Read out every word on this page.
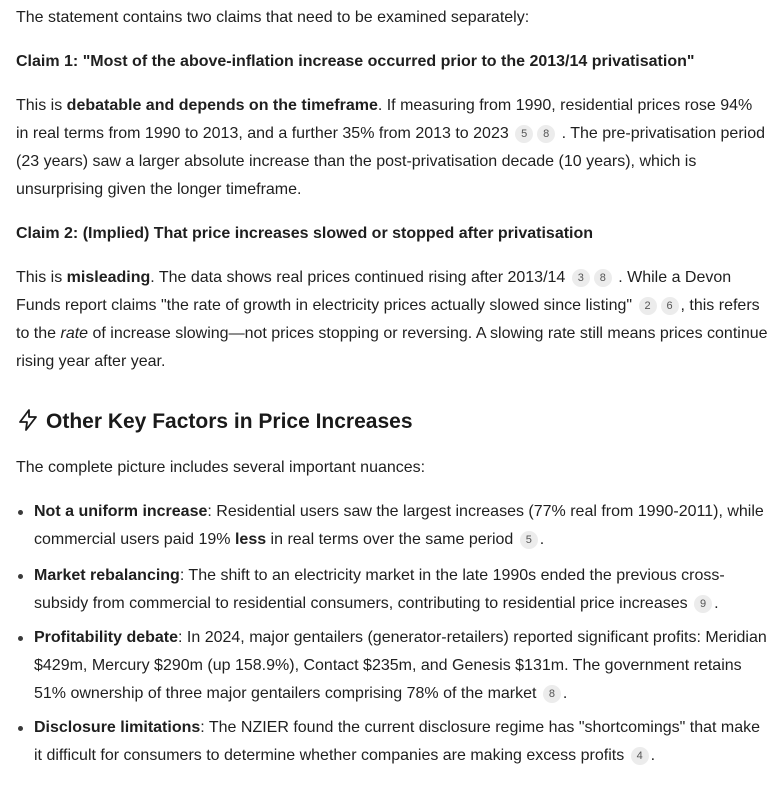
The statement contains two claims that need to be examined separately:

Claim 1: "Most of the above-inflation increase occurred prior to the 2013/14 privatisation"

This is debatable and depends on the timeframe. If measuring from 1990, residential prices rose 94% in real terms from 1990 to 2013, and a further 35% from 2013 to 2023 5 8 . The pre-privatisation period (23 years) saw a larger absolute increase than the post-privatisation decade (10 years), which is unsurprising given the longer timeframe.

Claim 2: (Implied) That price increases slowed or stopped after privatisation

This is misleading. The data shows real prices continued rising after 2013/14 3 8 . While a Devon Funds report claims "the rate of growth in electricity prices actually slowed since listing" 2 6 , this refers to the rate of increase slowing—not prices stopping or reversing. A slowing rate still means prices continue rising year after year.

Other Key Factors in Price Increases

The complete picture includes several important nuances:

Not a uniform increase: Residential users saw the largest increases (77% real from 1990-2011), while commercial users paid 19% less in real terms over the same period 5 .
Market rebalancing: The shift to an electricity market in the late 1990s ended the previous cross-subsidy from commercial to residential consumers, contributing to residential price increases 9 .
Profitability debate: In 2024, major gentailers (generator-retailers) reported significant profits: Meridian $429m, Mercury $290m (up 158.9%), Contact $235m, and Genesis $131m. The government retains 51% ownership of three major gentailers comprising 78% of the market 8 .
Disclosure limitations: The NZIER found the current disclosure regime has "shortcomings" that make it difficult for consumers to determine whether companies are making excess profits 4 .
